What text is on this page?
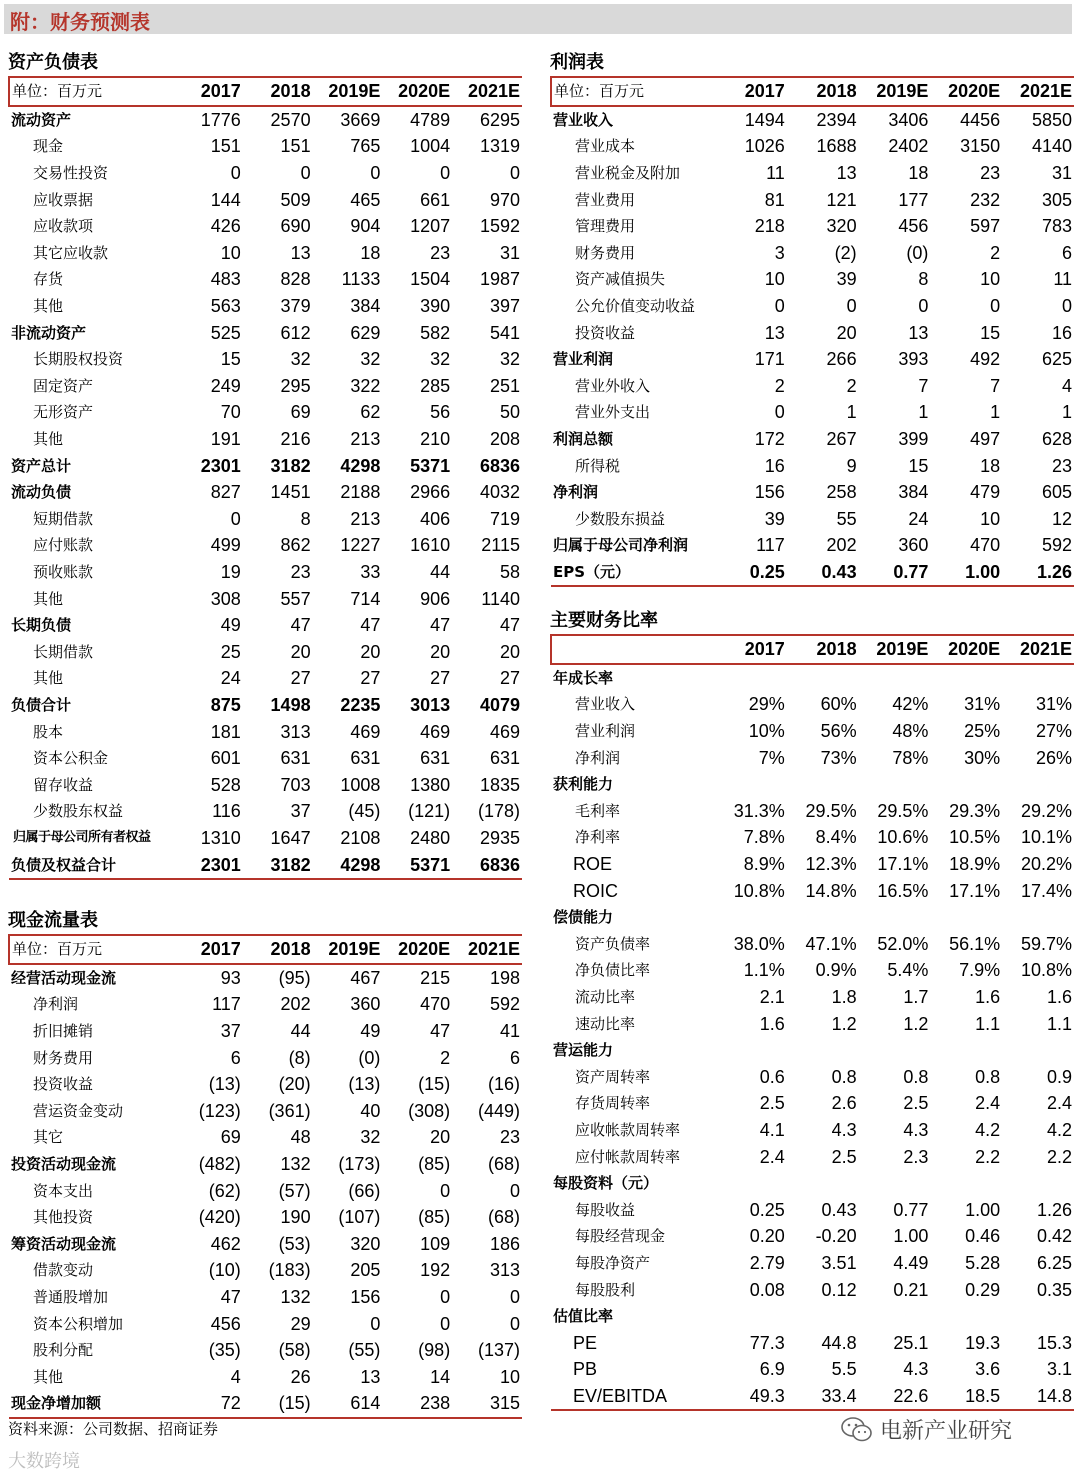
附：财务预测表
资产负债表
单位：百万元	2017	2018	2019E	2020E	2021E
流动资产	1776	2570	3669	4789	6295
现金	151	151	765	1004	1319
交易性投资	0	0	0	0	0
应收票据	144	509	465	661	970
应收款项	426	690	904	1207	1592
其它应收款	10	13	18	23	31
存货	483	828	1133	1504	1987
其他	563	379	384	390	397
非流动资产	525	612	629	582	541
长期股权投资	15	32	32	32	32
固定资产	249	295	322	285	251
无形资产	70	69	62	56	50
其他	191	216	213	210	208
资产总计	2301	3182	4298	5371	6836
流动负债	827	1451	2188	2966	4032
短期借款	0	8	213	406	719
应付账款	499	862	1227	1610	2115
预收账款	19	23	33	44	58
其他	308	557	714	906	1140
长期负债	49	47	47	47	47
长期借款	25	20	20	20	20
其他	24	27	27	27	27
负债合计	875	1498	2235	3013	4079
股本	181	313	469	469	469
资本公积金	601	631	631	631	631
留存收益	528	703	1008	1380	1835
少数股东权益	116	37	(45)	(121)	(178)
归属于母公司所有者权益	1310	1647	2108	2480	2935
负债及权益合计	2301	3182	4298	5371	6836
现金流量表
单位：百万元	2017	2018	2019E	2020E	2021E
经营活动现金流	93	(95)	467	215	198
净利润	117	202	360	470	592
折旧摊销	37	44	49	47	41
财务费用	6	(8)	(0)	2	6
投资收益	(13)	(20)	(13)	(15)	(16)
营运资金变动	(123)	(361)	40	(308)	(449)
其它	69	48	32	20	23
投资活动现金流	(482)	132	(173)	(85)	(68)
资本支出	(62)	(57)	(66)	0	0
其他投资	(420)	190	(107)	(85)	(68)
筹资活动现金流	462	(53)	320	109	186
借款变动	(10)	(183)	205	192	313
普通股增加	47	132	156	0	0
资本公积增加	456	29	0	0	0
股利分配	(35)	(58)	(55)	(98)	(137)
其他	4	26	13	14	10
现金净增加额	72	(15)	614	238	315
利润表
单位：百万元	2017	2018	2019E	2020E	2021E
营业收入	1494	2394	3406	4456	5850
营业成本	1026	1688	2402	3150	4140
营业税金及附加	11	13	18	23	31
营业费用	81	121	177	232	305
管理费用	218	320	456	597	783
财务费用	3	(2)	(0)	2	6
资产减值损失	10	39	8	10	11
公允价值变动收益	0	0	0	0	0
投资收益	13	20	13	15	16
营业利润	171	266	393	492	625
营业外收入	2	2	7	7	4
营业外支出	0	1	1	1	1
利润总额	172	267	399	497	628
所得税	16	9	15	18	23
净利润	156	258	384	479	605
少数股东损益	39	55	24	10	12
归属于母公司净利润	117	202	360	470	592
EPS（元）	0.25	0.43	0.77	1.00	1.26
主要财务比率
	2017	2018	2019E	2020E	2021E
年成长率					
营业收入	29%	60%	42%	31%	31%
营业利润	10%	56%	48%	25%	27%
净利润	7%	73%	78%	30%	26%
获利能力					
毛利率	31.3%	29.5%	29.5%	29.3%	29.2%
净利率	7.8%	8.4%	10.6%	10.5%	10.1%
ROE	8.9%	12.3%	17.1%	18.9%	20.2%
ROIC	10.8%	14.8%	16.5%	17.1%	17.4%
偿债能力					
资产负债率	38.0%	47.1%	52.0%	56.1%	59.7%
净负债比率	1.1%	0.9%	5.4%	7.9%	10.8%
流动比率	2.1	1.8	1.7	1.6	1.6
速动比率	1.6	1.2	1.2	1.1	1.1
营运能力					
资产周转率	0.6	0.8	0.8	0.8	0.9
存货周转率	2.5	2.6	2.5	2.4	2.4
应收帐款周转率	4.1	4.3	4.3	4.2	4.2
应付帐款周转率	2.4	2.5	2.3	2.2	2.2
每股资料（元）					
每股收益	0.25	0.43	0.77	1.00	1.26
每股经营现金	0.20	-0.20	1.00	0.46	0.42
每股净资产	2.79	3.51	4.49	5.28	6.25
每股股利	0.08	0.12	0.21	0.29	0.35
估值比率					
PE	77.3	44.8	25.1	19.3	15.3
PB	6.9	5.5	4.3	3.6	3.1
EV/EBITDA	49.3	33.4	22.6	18.5	14.8
资料来源：公司数据、招商证券
大数跨境
电新产业研究
